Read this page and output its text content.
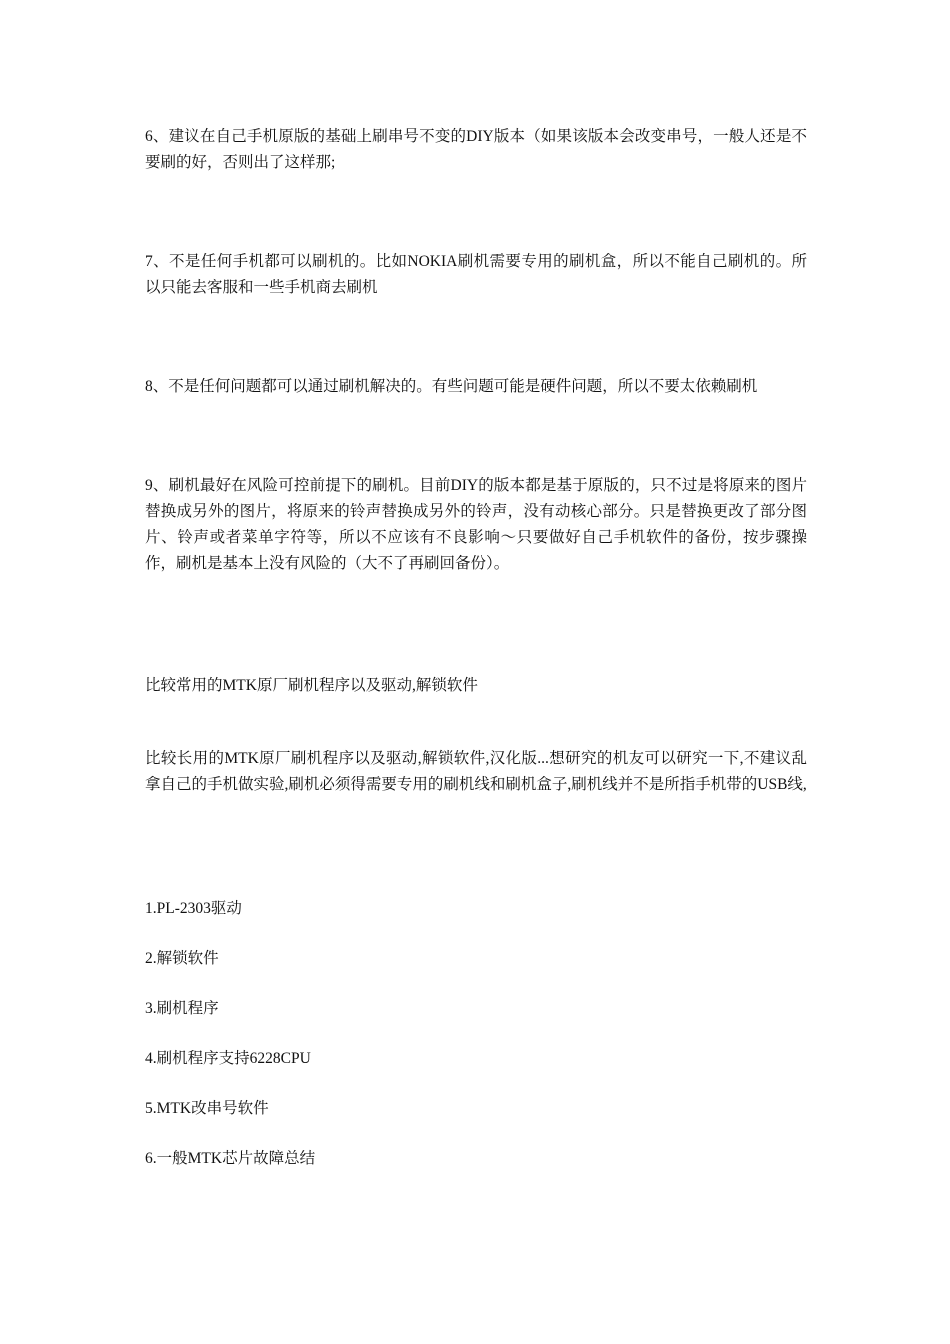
6、建议在自己手机原版的基础上刷串号不变的DIY版本（如果该版本会改变串号，一般人还是不要刷的好，否则出了这样那;

7、不是任何手机都可以刷机的。比如NOKIA刷机需要专用的刷机盒，所以不能自己刷机的。所以只能去客服和一些手机商去刷机

8、不是任何问题都可以通过刷机解决的。有些问题可能是硬件问题，所以不要太依赖刷机

9、刷机最好在风险可控前提下的刷机。目前DIY的版本都是基于原版的，只不过是将原来的图片替换成另外的图片，将原来的铃声替换成另外的铃声，没有动核心部分。只是替换更改了部分图片、铃声或者菜单字符等，所以不应该有不良影响～只要做好自己手机软件的备份，按步骤操作，刷机是基本上没有风险的（大不了再刷回备份）。

比较常用的MTK原厂刷机程序以及驱动,解锁软件

比较长用的MTK原厂刷机程序以及驱动,解锁软件,汉化版...想研究的机友可以研究一下,不建议乱拿自己的手机做实验,刷机必须得需要专用的刷机线和刷机盒子,刷机线并不是所指手机带的USB线,

1.PL-2303驱动
2.解锁软件
3.刷机程序
4.刷机程序支持6228CPU
5.MTK改串号软件
6.一般MTK芯片故障总结
